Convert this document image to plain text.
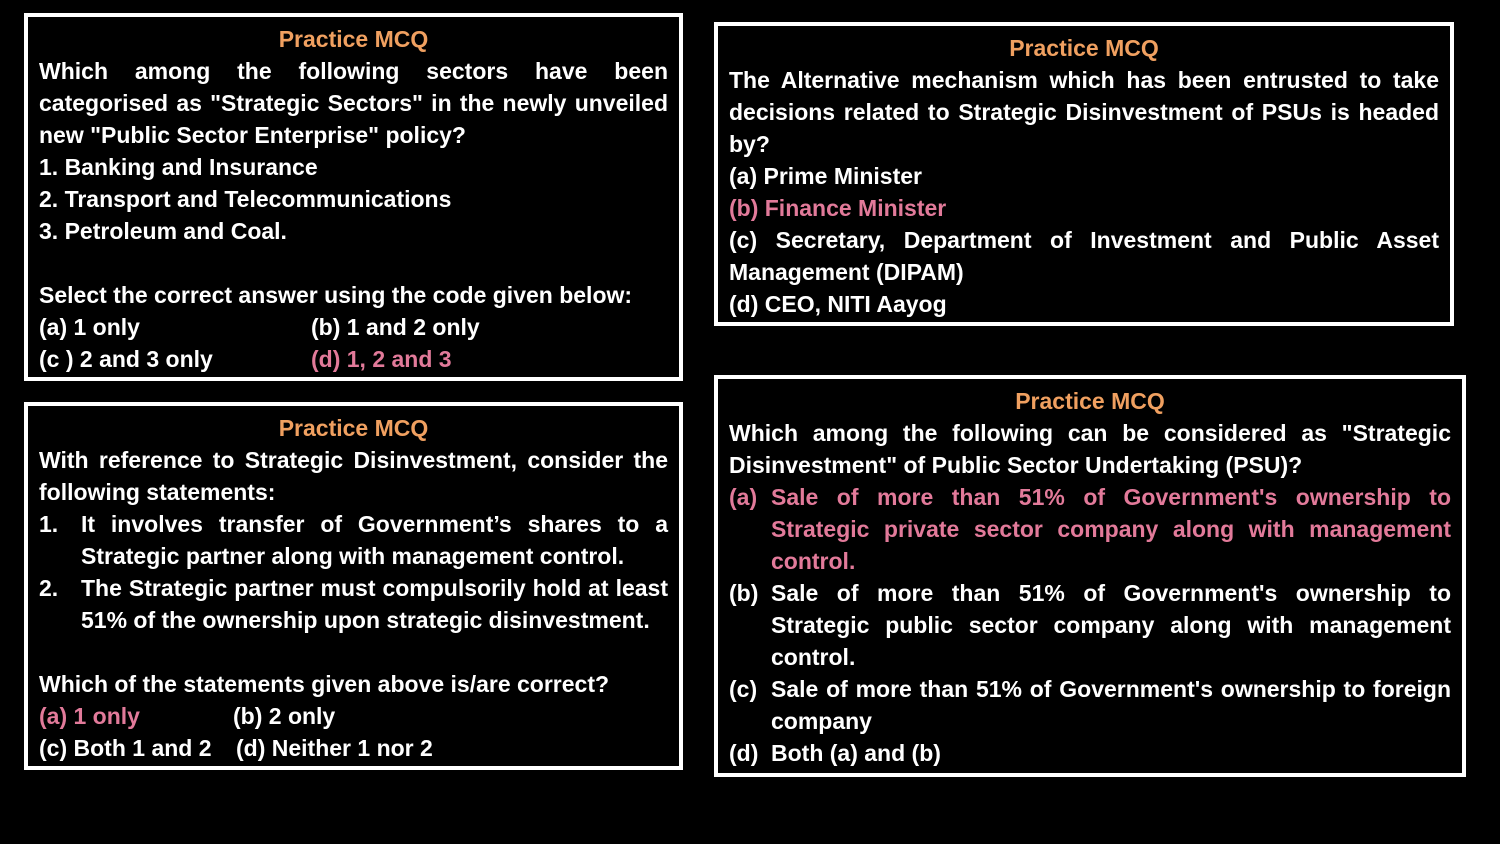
Practice MCQ

Which among the following sectors have been

categorised as "Strategic Sectors" in the newly unveiled

new "Public Sector Enterprise" policy?

1. Banking and Insurance

2. Transport and Telecommunications

3. Petroleum and Coal.

Select the correct answer using the code given below:

(a) 1 only	(b) 1 and 2 only
(c ) 2 and 3 only	(d) 1, 2 and 3

Practice MCQ

With reference to Strategic Disinvestment, consider the

following statements:

1. It involves transfer of Government’s shares to a Strategic partner along with management control.
2. The Strategic partner must compulsorily hold at least 51% of the ownership upon strategic disinvestment.

Which of the statements given above is/are correct?

(a) 1 only	(b) 2 only
(c) Both 1 and 2	(d) Neither 1 nor 2

Practice MCQ

The Alternative mechanism which has been entrusted to take

decisions related to Strategic Disinvestment of PSUs is headed

by?

(a) Prime Minister

(b) Finance Minister

(c) Secretary, Department of Investment and Public Asset

Management (DIPAM)

(d) CEO, NITI Aayog

Practice MCQ

Which among the following can be considered as "Strategic

Disinvestment" of Public Sector Undertaking (PSU)?

(a) Sale of more than 51% of Government's ownership to Strategic private sector company along with management control.
(b) Sale of more than 51% of Government's ownership to Strategic public sector company along with management control.
(c) Sale of more than 51% of Government's ownership to foreign company
(d) Both (a) and (b)
